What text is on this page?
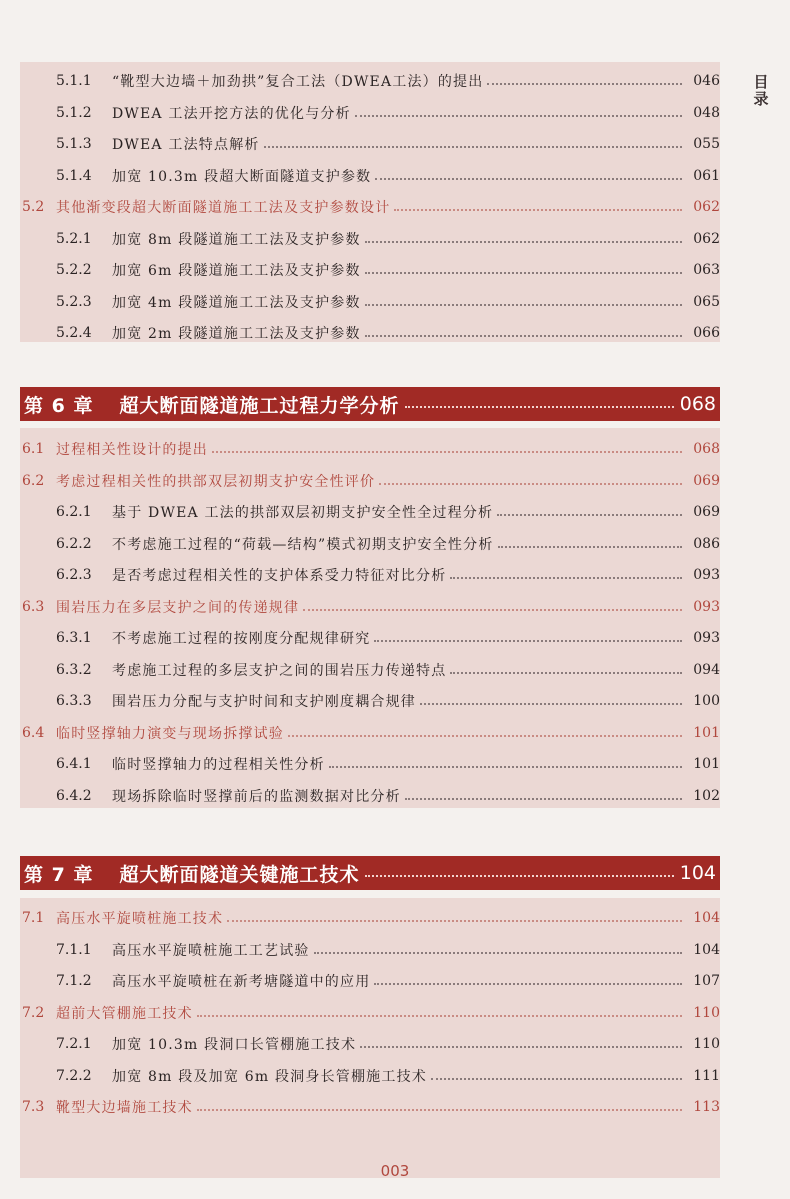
5.1.1	“靴型大边墙＋加劲拱”复合工法（DWEA工法）的提出	046
5.1.2	DWEA 工法开挖方法的优化与分析	048
5.1.3	DWEA 工法特点解析	055
5.1.4	加宽 10.3m 段超大断面隧道支护参数	061
5.2 其他渐变段超大断面隧道施工工法及支护参数设计	062
5.2.1	加宽 8m 段隧道施工工法及支护参数	062
5.2.2	加宽 6m 段隧道施工工法及支护参数	063
5.2.3	加宽 4m 段隧道施工工法及支护参数	065
5.2.4	加宽 2m 段隧道施工工法及支护参数	066
第 6 章 超大断面隧道施工过程力学分析	068
6.1 过程相关性设计的提出	068
6.2 考虑过程相关性的拱部双层初期支护安全性评价	069
6.2.1	基于 DWEA 工法的拱部双层初期支护安全性全过程分析	069
6.2.2	不考虑施工过程的“荷载—结构”模式初期支护安全性分析	086
6.2.3	是否考虑过程相关性的支护体系受力特征对比分析	093
6.3 围岩压力在多层支护之间的传递规律	093
6.3.1	不考虑施工过程的按刚度分配规律研究	093
6.3.2	考虑施工过程的多层支护之间的围岩压力传递特点	094
6.3.3	围岩压力分配与支护时间和支护刚度耦合规律	100
6.4 临时竖撑轴力演变与现场拆撑试验	101
6.4.1	临时竖撑轴力的过程相关性分析	101
6.4.2	现场拆除临时竖撑前后的监测数据对比分析	102
第 7 章 超大断面隧道关键施工技术	104
7.1 高压水平旋喷桩施工技术	104
7.1.1	高压水平旋喷桩施工工艺试验	104
7.1.2	高压水平旋喷桩在新考塘隧道中的应用	107
7.2 超前大管棚施工技术	110
7.2.1	加宽 10.3m 段洞口长管棚施工技术	110
7.2.2	加宽 8m 段及加宽 6m 段洞身长管棚施工技术	111
7.3 靴型大边墙施工技术	113
目录
003
